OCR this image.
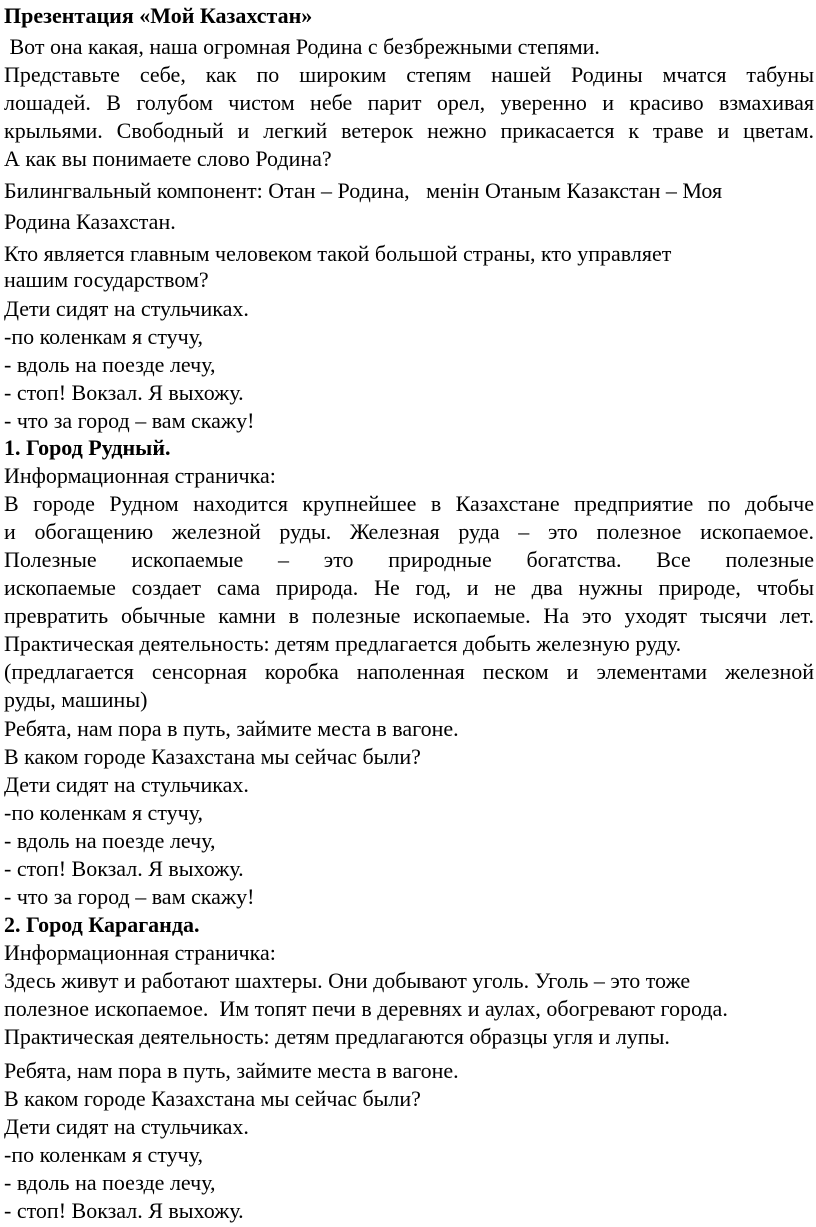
Презентация «Мой Казахстан»
Вот она какая, наша огромная Родина с безбрежными степями.
Представьте себе, как по широким степям нашей Родины мчатся табуны
лошадей. В голубом чистом небе парит орел, уверенно и красиво взмахивая
крыльями. Свободный и легкий ветерок нежно прикасается к траве и цветам.
А как вы понимаете слово Родина?
Билингвальный компонент: Отан – Родина,   менін Отаным Казакстан – Моя
Родина Казахстан.
Кто является главным человеком такой большой страны, кто управляет
нашим государством?
Дети сидят на стульчиках.
-по коленкам я стучу,
- вдоль на поезде лечу,
- стоп! Вокзал. Я выхожу.
- что за город – вам скажу!
1. Город Рудный.
Информационная страничка:
В городе Рудном находится крупнейшее в Казахстане предприятие по добыче
и обогащению железной руды. Железная руда – это полезное ископаемое.
Полезные ископаемые – это природные богатства. Все полезные
ископаемые создает сама природа. Не год, и не два нужны природе, чтобы
превратить обычные камни в полезные ископаемые. На это уходят тысячи лет.
Практическая деятельность: детям предлагается добыть железную руду.
(предлагается сенсорная коробка наполенная песком и элементами железной
руды, машины)
Ребята, нам пора в путь, займите места в вагоне.
В каком городе Казахстана мы сейчас были?
Дети сидят на стульчиках.
-по коленкам я стучу,
- вдоль на поезде лечу,
- стоп! Вокзал. Я выхожу.
- что за город – вам скажу!
2. Город Караганда.
Информационная страничка:
Здесь живут и работают шахтеры. Они добывают уголь. Уголь – это тоже
полезное ископаемое.  Им топят печи в деревнях и аулах, обогревают города.
Практическая деятельность: детям предлагаются образцы угля и лупы.
Ребята, нам пора в путь, займите места в вагоне.
В каком городе Казахстана мы сейчас были?
Дети сидят на стульчиках.
-по коленкам я стучу,
- вдоль на поезде лечу,
- стоп! Вокзал. Я выхожу.
